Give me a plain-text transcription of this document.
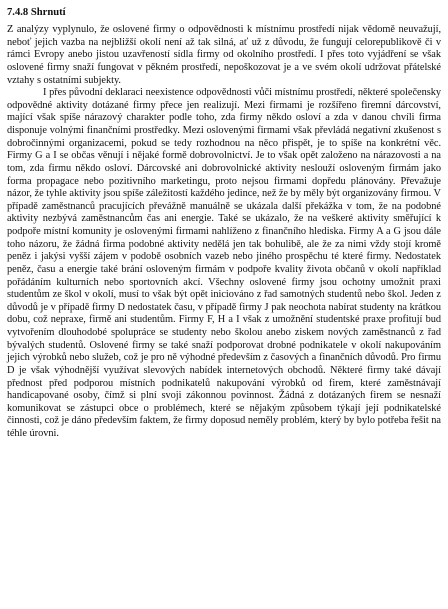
7.4.8 Shrnutí

Z analýzy vyplynulo, že oslovené firmy o odpovědnosti k místnímu prostředí nijak vědomě neuvažují, neboť jejich vazba na nejbližší okolí není až tak silná, ať už z důvodu, že fungují celorepublikově či v rámci Evropy anebo jistou uzavřeností sídla firmy od okolního prostředí. I přes toto vyjádření se však oslovené firmy snaží fungovat v pěkném prostředí, nepoškozovat je a ve svém okolí udržovat přátelské vztahy s ostatními subjekty.

I přes původní deklaraci neexistence odpovědnosti vůči místnímu prostředí, některé společensky odpovědné aktivity dotázané firmy přece jen realizují. Mezi firmami je rozšířeno firemní dárcovství, mající však spíše nárazový charakter podle toho, zda firmy někdo osloví a zda v danou chvíli firma disponuje volnými finančními prostředky. Mezi oslovenými firmami však převládá negativní zkušenost s dobročinnými organizacemi, pokud se tedy rozhodnou na něco přispět, je to spíše na konkrétní věc. Firmy G a I se občas věnují i nějaké formě dobrovolnictví. Je to však opět založeno na nárazovosti a na tom, zda firmu někdo osloví. Dárcovské ani dobrovolnické aktivity neslouží osloveným firmám jako forma propagace nebo pozitivního marketingu, proto nejsou firmami dopředu plánovány. Převažuje názor, že tyhle aktivity jsou spíše záležitostí každého jedince, než že by měly být organizovány firmou. V případě zaměstnanců pracujících převážně manuálně se ukázala další překážka v tom, že na podobné aktivity nezbývá zaměstnancům čas ani energie. Také se ukázalo, že na veškeré aktivity směřující k podpoře místní komunity je oslovenými firmami nahlíženo z finančního hlediska. Firmy A a G jsou dále toho názoru, že žádná firma podobné aktivity nedělá jen tak bohulibě, ale že za nimi vždy stojí kromě peněz i jakýsi vyšší zájem v podobě osobních vazeb nebo jiného prospěchu té které firmy. Nedostatek peněz, času a energie také brání osloveným firmám v podpoře kvality života občanů v okolí například pořádáním kulturních nebo sportovních akcí. Všechny oslovené firmy jsou ochotny umožnit praxi studentům ze škol v okolí, musí to však být opět iniciováno z řad samotných studentů nebo škol. Jeden z důvodů je v případě firmy D nedostatek času, v případě firmy J pak neochota nabírat studenty na krátkou dobu, což nepraxe, firmě ani studentům. Firmy F, H a I však z umožnění studentské praxe profitují bud vytvořením dlouhodobé spolupráce se studenty nebo školou anebo ziskem nových zaměstnanců z řad bývalých studentů. Oslovené firmy se také snaží podporovat drobné podnikatele v okolí nakupováním jejich výrobků nebo služeb, což je pro ně výhodné především z časových a finančních důvodů. Pro firmu D je však výhodnější využívat slevových nabídek internetových obchodů. Některé firmy také dávají přednost před podporou místních podnikatelů nakupování výrobků od firem, které zaměstnávají handicapované osoby, čímž si plní svoji zákonnou povinnost. Žádná z dotázaných firem se nesnaží komunikovat se zástupci obce o problémech, které se nějakým způsobem týkají její podnikatelské činnosti, což je dáno především faktem, že firmy doposud neměly problém, který by bylo potřeba řešit na téhle úrovni.
